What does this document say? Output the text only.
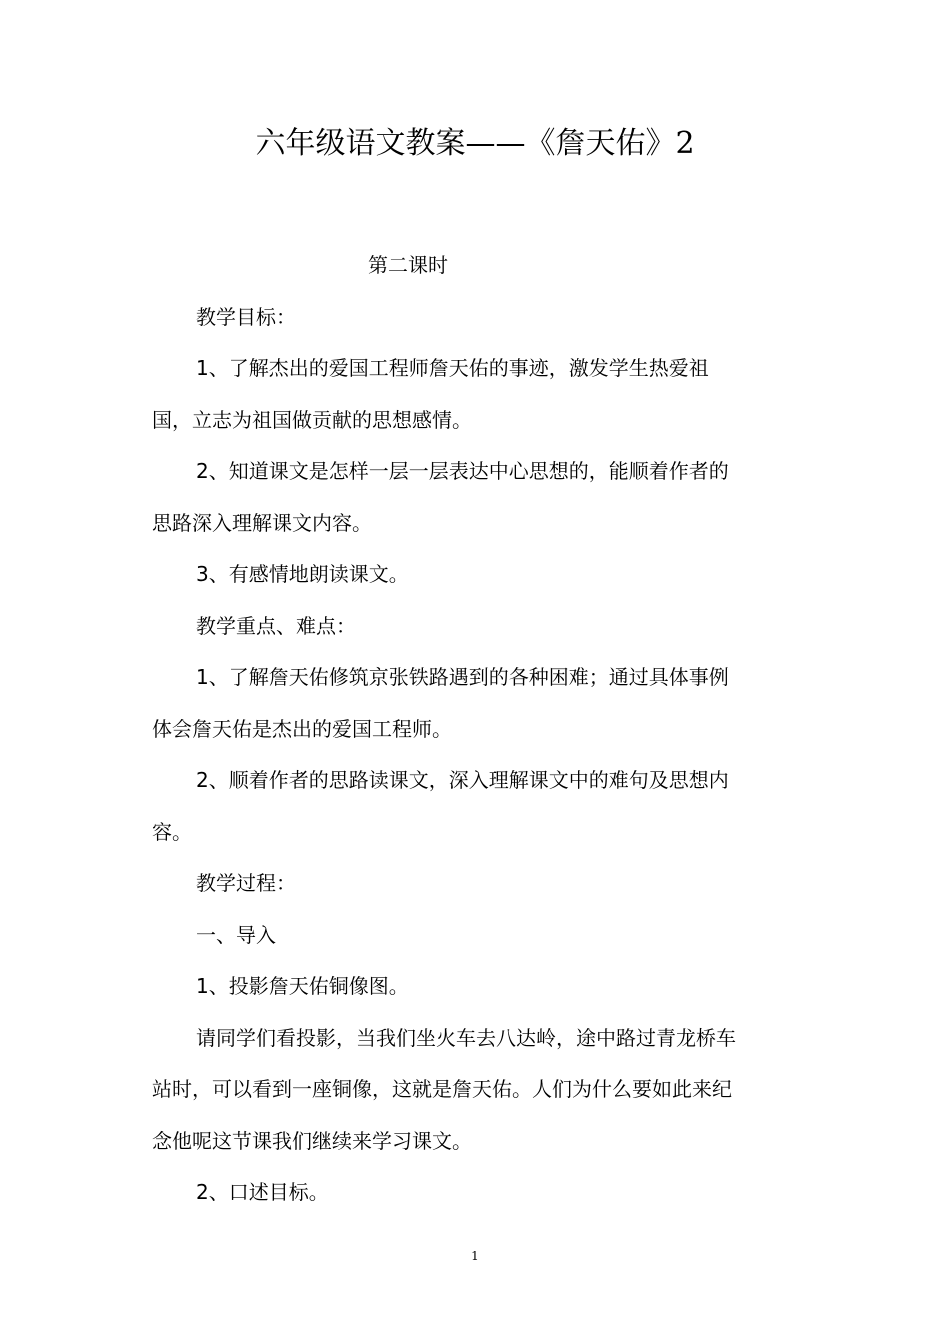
六年级语文教案——《詹天佑》2
第二课时
教学目标：
1、了解杰出的爱国工程师詹天佑的事迹，激发学生热爱祖
国，立志为祖国做贡献的思想感情。
2、知道课文是怎样一层一层表达中心思想的，能顺着作者的
思路深入理解课文内容。
3、有感情地朗读课文。
教学重点、难点：
1、了解詹天佑修筑京张铁路遇到的各种困难；通过具体事例
体会詹天佑是杰出的爱国工程师。
2、顺着作者的思路读课文，深入理解课文中的难句及思想内
容。
教学过程：
一、导入
1、投影詹天佑铜像图。
请同学们看投影，当我们坐火车去八达岭，途中路过青龙桥车
站时，可以看到一座铜像，这就是詹天佑。人们为什么要如此来纪
念他呢这节课我们继续来学习课文。
2、口述目标。
1
